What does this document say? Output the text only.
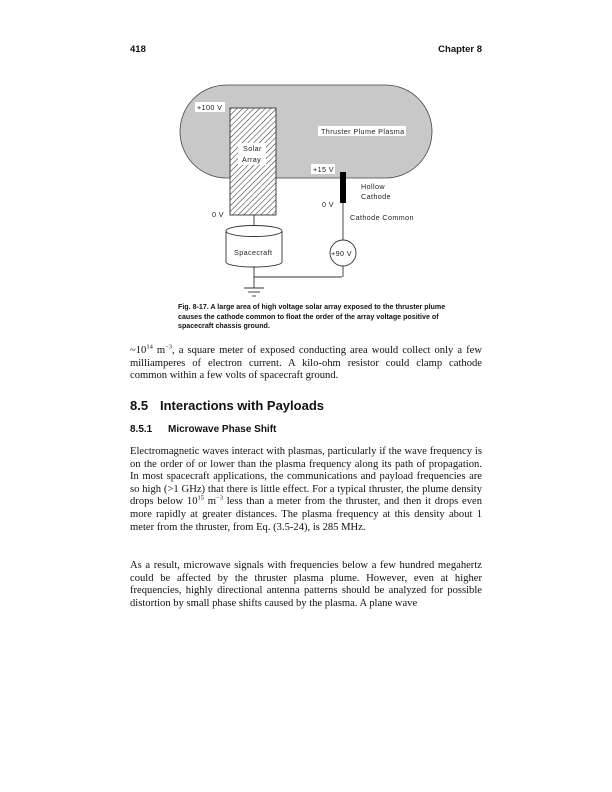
418	Chapter 8
Thruster Plume Plasma
+100 V
Solar
Array
0 V
Spacecraft
+15 V
0 V
Hollow
Cathode
Cathode Common
+90 V
Fig. 8-17. A large area of high voltage solar array exposed to the thruster plume causes the cathode common to float the order of the array voltage positive of spacecraft chassis ground.
$\sim 10^{14}$ $m^{-3}$, a square meter of exposed conducting area would collect only a few milliamperes of electron current. A kilo-ohm resistor could clamp cathode common within a few volts of spacecraft ground.
8.5 Interactions with Payloads
8.5.1 Microwave Phase Shift
Electromagnetic waves interact with plasmas, particularly if the wave frequency is on the order of or lower than the plasma frequency along its path of propagation. In most spacecraft applications, the communications and payload frequencies are so high (>1 GHz) that there is little effect. For a typical thruster, the plume density drops below $10^{15}$ $m^{-3}$ less than a meter from the thruster, and then it drops even more rapidly at greater distances. The plasma frequency at this density about 1 meter from the thruster, from Eq. (3.5-24), is 285 MHz.
As a result, microwave signals with frequencies below a few hundred megahertz could be affected by the thruster plasma plume. However, even at higher frequencies, highly directional antenna patterns should be analyzed for possible distortion by small phase shifts caused by the plasma. A plane wave
